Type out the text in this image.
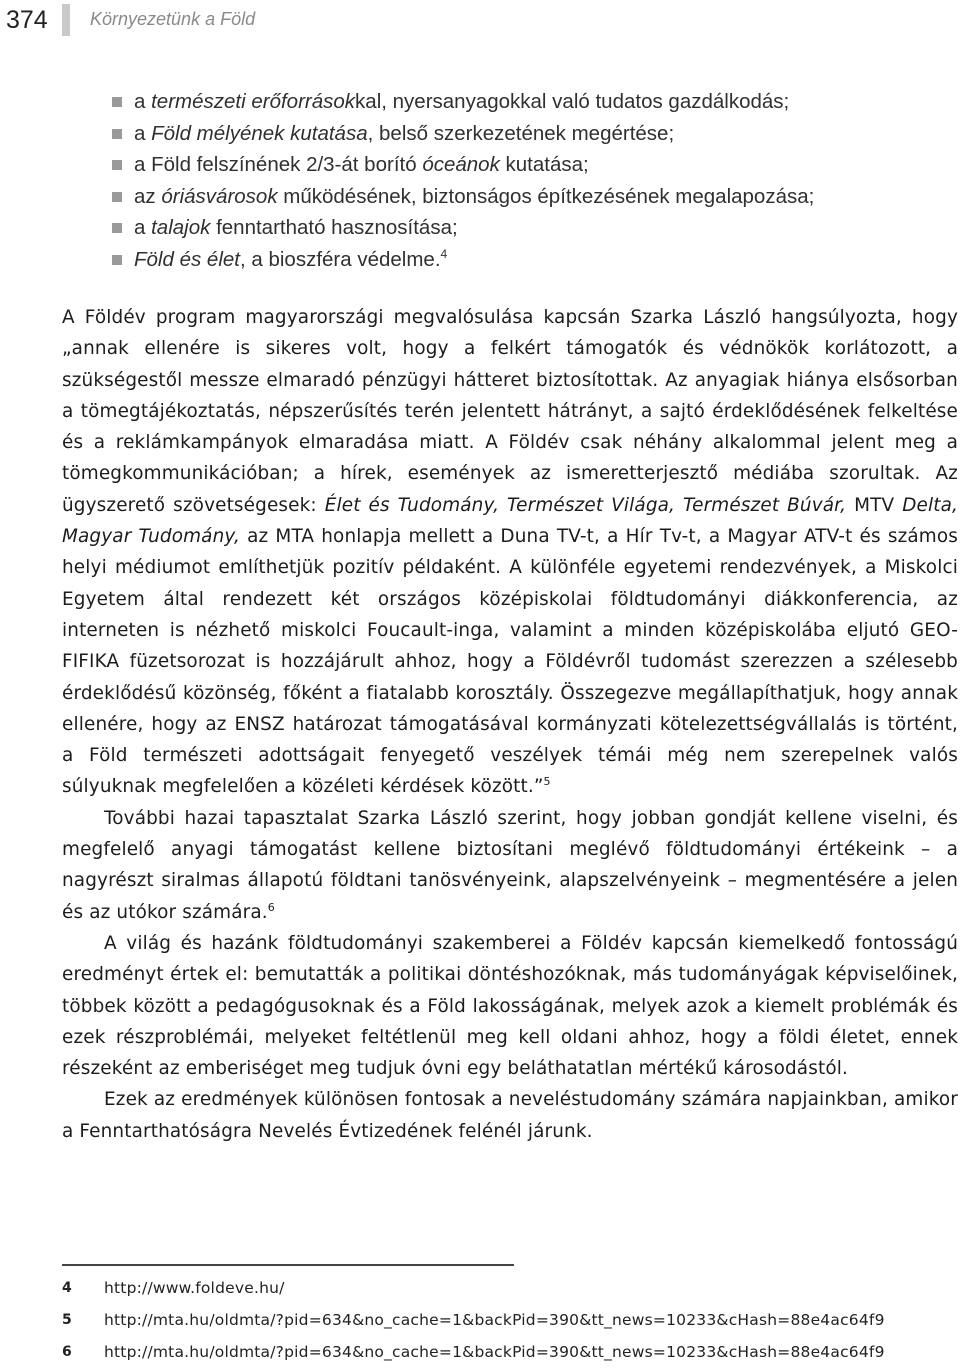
374 Környezetünk a Föld
a természeti erőforrásokkal, nyersanyagokkal való tudatos gazdálkodás;
a Föld mélyének kutatása, belső szerkezetének megértése;
a Föld felszínének 2/3-át borító óceánok kutatása;
az óriásvárosok működésének, biztonságos építkezésének megalapozása;
a talajok fenntartható hasznosítása;
Föld és élet, a bioszféra védelme.$^4$

A Földév program magyarországi megvalósulása kapcsán Szarka László hangsúlyozta, hogy „annak ellenére is sikeres volt, hogy a felkért támogatók és védnökök korlátozott, a szükségestől messze elmaradó pénzügyi hátteret biztosítottak. Az anyagiak hiánya elsősorban a tömegtájékoztatás, népszerűsítés terén jelentett hátrányt, a sajtó érdeklődésének felkeltése és a reklámkampányok elmaradása miatt. A Földév csak néhány alkalommal jelent meg a tömegkommunikációban; a hírek, események az ismeretterjesztő médiába szorultak. Az ügyszerető szövetségesek: Élet és Tudomány, Természet Világa, Természet Búvár, MTV Delta, Magyar Tudomány, az MTA honlapja mellett a Duna TV-t, a Hír Tv-t, a Magyar ATV-t és számos helyi médiumot említhetjük pozitív példaként. A különféle egyetemi rendezvények, a Miskolci Egyetem által rendezett két országos középiskolai földtudományi diákkonferencia, az interneten is nézhető miskolci Foucault-inga, valamint a minden középiskolába eljutó GEO-FIFIKA füzetsorozat is hozzájárult ahhoz, hogy a Földévről tudomást szerezzen a szélesebb érdeklődésű közönség, főként a fiatalabb korosztály. Összegezve megállapíthatjuk, hogy annak ellenére, hogy az ENSZ határozat támogatásával kormányzati kötelezettségvállalás is történt, a Föld természeti adottságait fenyegető veszélyek témái még nem szerepelnek valós súlyuknak megfelelően a közéleti kérdések között.”$^5$

További hazai tapasztalat Szarka László szerint, hogy jobban gondját kellene viselni, és megfelelő anyagi támogatást kellene biztosítani meglévő földtudományi értékeink – a nagyrészt siralmas állapotú földtani tanösvényeink, alapszelvényeink – megmentésére a jelen és az utókor számára.$^6$

A világ és hazánk földtudományi szakemberei a Földév kapcsán kiemelkedő fontosságú eredményt értek el: bemutatták a politikai döntéshozóknak, más tudományágak képviselőinek, többek között a pedagógusoknak és a Föld lakosságának, melyek azok a kiemelt problémák és ezek részproblémái, melyeket feltétlenül meg kell oldani ahhoz, hogy a földi életet, ennek részeként az emberiséget meg tudjuk óvni egy beláthatatlan mértékű károsodástól.

Ezek az eredmények különösen fontosak a neveléstudomány számára napjainkban, amikor a Fenntarthatóságra Nevelés Évtizedének felénél járunk.

4 http://www.foldeve.hu/
5 http://mta.hu/oldmta/?pid=634&no_cache=1&backPid=390&tt_news=10233&cHash=88e4ac64f9
6 http://mta.hu/oldmta/?pid=634&no_cache=1&backPid=390&tt_news=10233&cHash=88e4ac64f9
